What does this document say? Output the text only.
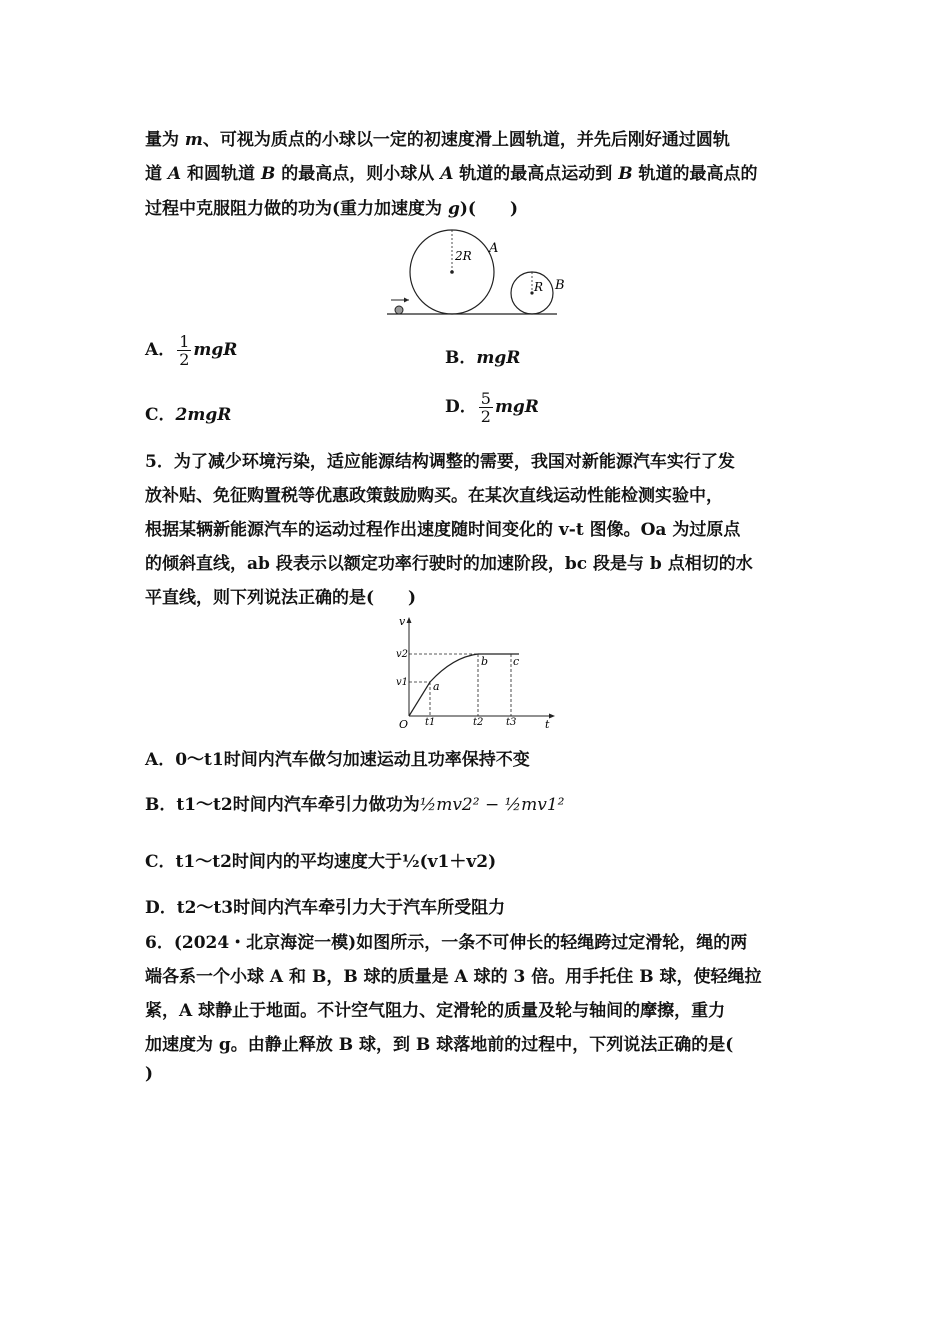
量为 m、可视为质点的小球以一定的初速度滑上圆轨道，并先后刚好通过圆轨
道 A 和圆轨道 B 的最高点，则小球从 A 轨道的最高点运动到 B 轨道的最高点的
过程中克服阻力做的功为(重力加速度为 g)(　　)
2R A
R B
A． $\frac{1}{2}$ mgR	B．mgR
C．2mgR	D． $\frac{5}{2}$ mgR
5．为了减少环境污染，适应能源结构调整的需要，我国对新能源汽车实行了发
放补贴、免征购置税等优惠政策鼓励购买。在某次直线运动性能检测实验中，
根据某辆新能源汽车的运动过程作出速度随时间变化的 v-t 图像。Oa 为过原点
的倾斜直线，ab 段表示以额定功率行驶时的加速阶段，bc 段是与 b 点相切的水
平直线，则下列说法正确的是(　　)
v
t
O
v2
v1
t1	t2 t3
a
b c
A．0～t1时间内汽车做匀加速运动且功率保持不变
B．t1～t2时间内汽车牵引力做功为½mv2² − ½mv1²
C．t1～t2时间内的平均速度大于½(v1＋v2)
D．t2～t3时间内汽车牵引力大于汽车所受阻力
6．(2024・北京海淀一模)如图所示，一条不可伸长的轻绳跨过定滑轮，绳的两
端各系一个小球 A 和 B，B 球的质量是 A 球的 3 倍。用手托住 B 球，使轻绳拉
紧，A 球静止于地面。不计空气阻力、定滑轮的质量及轮与轴间的摩擦，重力
加速度为 g。由静止释放 B 球，到 B 球落地前的过程中，下列说法正确的是(
)
